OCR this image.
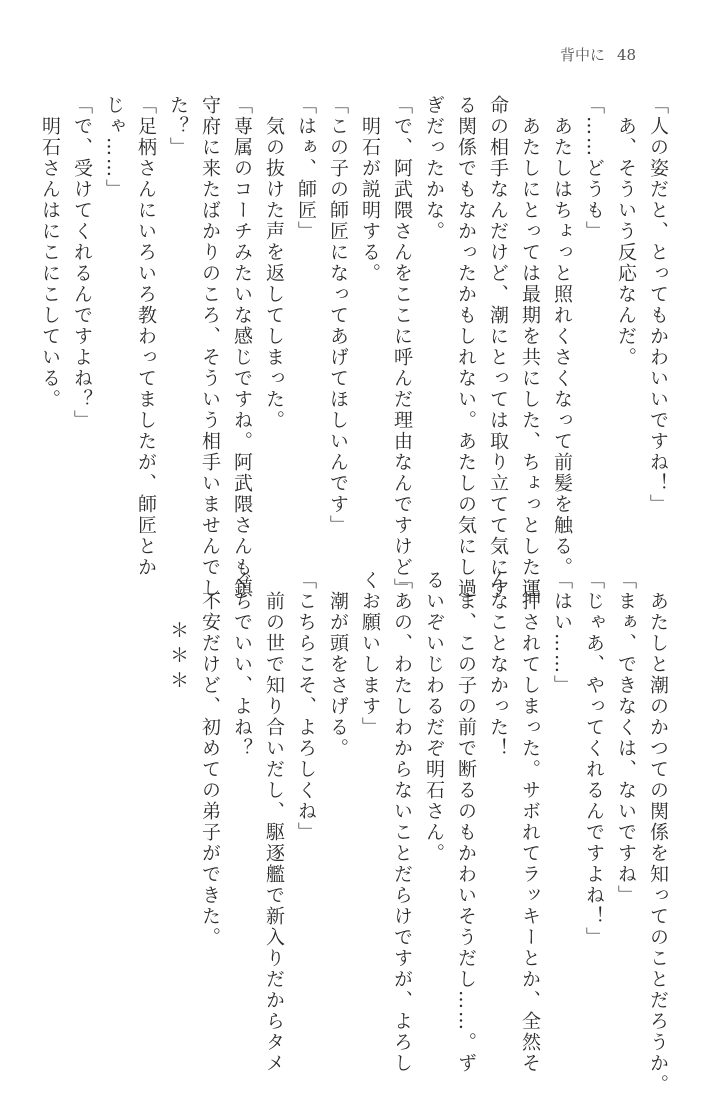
背中に 48
「人の姿だと、とってもかわいいですね！」
　あ、そういう反応なんだ。
「……どうも」
　あたしはちょっと照れくさくなって前髪を触る。
　あたしにとっては最期を共にした、ちょっとした運
命の相手なんだけど、潮にとっては取り立てて気にす
る関係でもなかったかもしれない。あたしの気にし過
ぎだったかな。
「で、阿武隈さんをここに呼んだ理由なんですけど」
　明石が説明する。
「この子の師匠になってあげてほしいんです」
「はぁ、師匠」
　気の抜けた声を返してしまった。
「専属のコーチみたいな感じですね。阿武隈さんも鎮
守府に来たばかりのころ、そういう相手いませんでし
た？」
「足柄さんにいろいろ教わってましたが、師匠とか
じゃ……」
「で、受けてくれるんですよね？」
　明石さんはにこにこしている。
　あたしと潮のかつての関係を知ってのことだろうか。
「まぁ、できなくは、ないですね」
「じゃあ、やってくれるんですよね！」
「はい……」
　押されてしまった。サボれてラッキーとか、全然そ
んなことなかった！
　ま、この子の前で断るのもかわいそうだし……。ず
るいぞいじわるだぞ明石さん。
「あの、わたしわからないことだらけですが、よろし
くお願いします」
　潮が頭をさげる。
「こちらこそ、よろしくね」
　前の世で知り合いだし、駆逐艦で新入りだからタメ
ぐちでいい、よね？
　不安だけど、初めての弟子ができた。
　　＊＊＊
